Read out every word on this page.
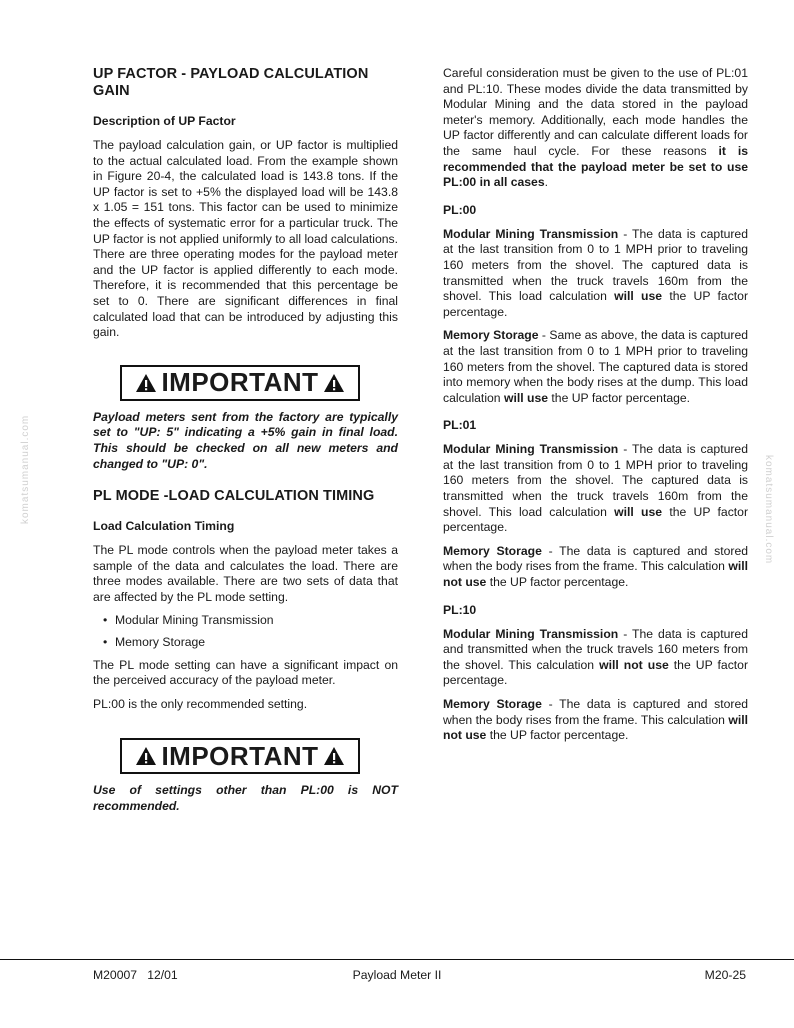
komatsumanual.com	komatsumanual.com
UP FACTOR - PAYLOAD CALCULATION GAIN
Description of UP Factor

The payload calculation gain, or UP factor is multiplied to the actual calculated load. From the example shown in Figure 20-4, the calculated load is 143.8 tons. If the UP factor is set to +5% the displayed load will be 143.8 x 1.05 = 151 tons. This factor can be used to minimize the effects of systematic error for a particular truck. The UP factor is not applied uniformly to all load calculations. There are three operating modes for the payload meter and the UP factor is applied differently to each mode. Therefore, it is recommended that this percentage be set to 0. There are significant differences in final calculated load that can be introduced by adjusting this gain.

IMPORTANT
Payload meters sent from the factory are typically set to "UP: 5" indicating a +5% gain in final load. This should be checked on all new meters and changed to "UP: 0".
PL MODE -LOAD CALCULATION TIMING
Load Calculation Timing

The PL mode controls when the payload meter takes a sample of the data and calculates the load. There are three modes available. There are two sets of data that are affected by the PL mode setting.

• Modular Mining Transmission
• Memory Storage

The PL mode setting can have a significant impact on the perceived accuracy of the payload meter.

PL:00 is the only recommended setting.

IMPORTANT
Use of settings other than PL:00 is NOT recommended.

Careful consideration must be given to the use of PL:01 and PL:10. These modes divide the data transmitted by Modular Mining and the data stored in the payload meter's memory. Additionally, each mode handles the UP factor differently and can calculate different loads for the same haul cycle. For these reasons it is recommended that the payload meter be set to use PL:00 in all cases.

PL:00

Modular Mining Transmission - The data is captured at the last transition from 0 to 1 MPH prior to traveling 160 meters from the shovel. The captured data is transmitted when the truck travels 160m from the shovel. This load calculation will use the UP factor percentage.

Memory Storage - Same as above, the data is captured at the last transition from 0 to 1 MPH prior to traveling 160 meters from the shovel. The captured data is stored into memory when the body rises at the dump. This load calculation will use the UP factor percentage.

PL:01

Modular Mining Transmission - The data is captured at the last transition from 0 to 1 MPH prior to traveling 160 meters from the shovel. The captured data is transmitted when the truck travels 160m from the shovel. This load calculation will use the UP factor percentage.

Memory Storage - The data is captured and stored when the body rises from the frame. This calculation will not use the UP factor percentage.

PL:10

Modular Mining Transmission - The data is captured and transmitted when the truck travels 160 meters from the shovel. This calculation will not use the UP factor percentage.

Memory Storage - The data is captured and stored when the body rises from the frame. This calculation will not use the UP factor percentage.

Payload Meter II
M20007   12/01	M20-25
